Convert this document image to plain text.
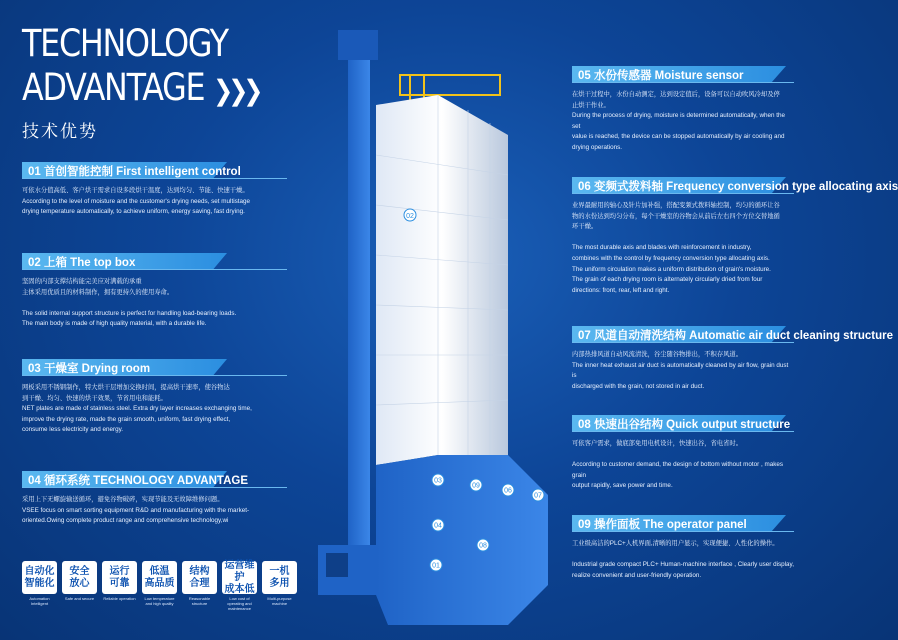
TECHNOLOGY
ADVANTAGE ❯❯❯
技术优势
01 首创智能控制 First intelligent control

可依水分值高低、客户烘干需求自设多段烘干温度，达到均匀、节能、快速干燥。

According to the level of moisture and the customer's drying needs, set multistage

drying temperature automatically, to achieve uniform, energy saving, fast drying.

02 上箱 The top box

坚固的内部支撑结构能完美应对满载的承重

主体采用优质且的材料制作，拥有更持久的使用寿命。

The solid internal support structure is perfect for handling load-bearing loads.

The main body is made of high quality material, with a durable life.

03 干燥室 Drying room

网板采用不锈钢制作，特大烘干层增加交换时间，提高烘干速率，使谷物达

到干燥、均匀、快速的烘干效果，节省用电和能耗。

NET plates are made of stainless steel. Extra dry layer increases exchanging time,

improve the drying rate, made the grain smooth, uniform, fast drying effect,

consume less electricity and energy.

04 循环系统 TECHNOLOGY ADVANTAGE

采用上下无螺旋输送循环，避免谷物破碎，实现节能及无故障维修问题。

VSEE focus on smart sorting equipment R&D and manufacturing with the market-

oriented.Owing complete product range and comprehensive technology,wi

05 水份传感器 Moisture sensor

在烘干过程中，水份自动测定，达到设定值后，设备可以自动吹风冷却及停

止烘干作业。

During the process of drying, moisture is determined automatically, when the set

value is reached, the device can be stopped automatically by air cooling and

drying operations.

06 变频式拨料轴 Frequency conversion type allocating axis

业界最耐用的轴心及针片加补强，搭配变频式拨料轴控制，均匀的循环让谷

物的水份达到均匀分布，每个干燥室的谷物会从前后左右四个方位交替地循

环干燥。

The most durable axis and blades with reinforcement in industry,

combines with the control by frequency conversion type allocating axis.

The uniform circulation makes a uniform distribution of grain's moisture.

The grain of each drying room is alternately circularly dried from four

directions: front, rear, left and right.

07 风道自动清洗结构 Automatic air duct cleaning structure

内部热排风道自动风流清洗，谷尘随谷物排出，不积存风道。

The inner heat exhaust air duct is automatically cleaned by air flow, grain dust is

discharged with the grain, not stored in air duct.

08 快速出谷结构 Quick output structure

可依客户需求，做底部免用电机设计，快速出谷，省电省时。

According to customer demand, the design of bottom without motor , makes grain

output rapidly, save power and time.

09 操作面板 The operator panel

工业级高洁的PLC+人机界面,清晰的用户显示，实现便捷、人性化的操作。

Industrial grade compact PLC+ Human-machine interface , Clearly user display,

realize convenient and user-friendly operation.

02
03
09
06
04
07
08
01
自动化
智能化
Automation Intelligent
安全
放心
Safe and secure
运行
可靠
Reliable operation
低温
高品质
Low temperature and high quality
结构
合理
Reasonable structure
运营维护
成本低
Low cost of operating and maintenance
一机
多用
Multi-purpose machine
